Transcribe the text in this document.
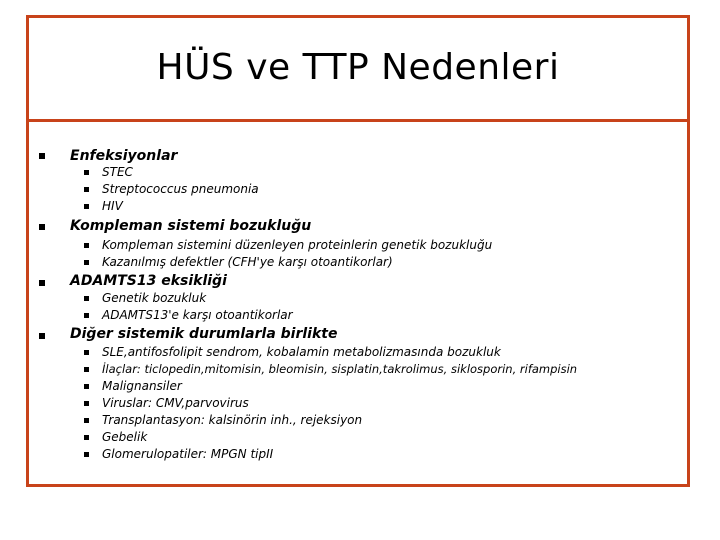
HÜS ve TTP Nedenleri
Enfeksiyonlar
STEC
Streptococcus pneumonia
HIV
Kompleman sistemi bozukluğu
Kompleman sistemini düzenleyen proteinlerin genetik bozukluğu
Kazanılmış defektler (CFH'ye karşı otoantikorlar)
ADAMTS13 eksikliği
Genetik bozukluk
ADAMTS13'e karşı otoantikorlar
Diğer sistemik durumlarla birlikte
SLE,antifosfolipit sendrom, kobalamin metabolizmasında bozukluk
İlaçlar: ticlopedin,mitomisin, bleomisin, sisplatin,takrolimus, siklosporin, rifampisin
Malignansiler
Viruslar: CMV,parvovirus
Transplantasyon: kalsinörin inh., rejeksiyon
Gebelik
Glomerulopatiler: MPGN tipII
